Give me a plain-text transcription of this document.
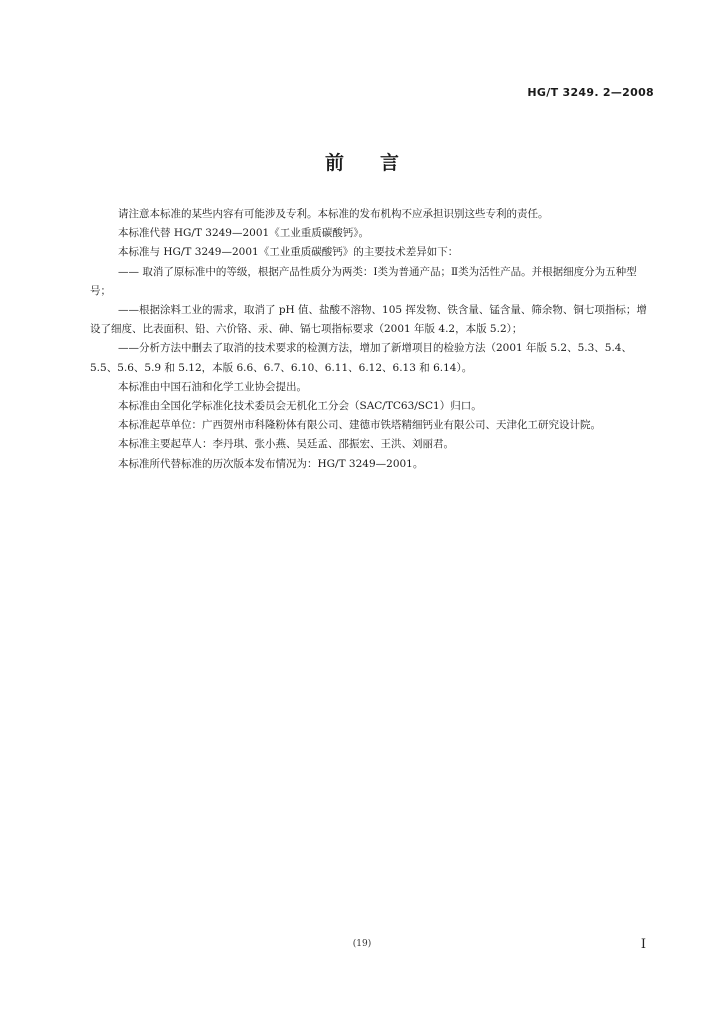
HG/T 3249. 2—2008
前言

请注意本标准的某些内容有可能涉及专利。本标准的发布机构不应承担识别这些专利的责任。

本标准代替 HG/T 3249—2001《工业重质碳酸钙》。

本标准与 HG/T 3249—2001《工业重质碳酸钙》的主要技术差异如下：

—— 取消了原标准中的等级，根据产品性质分为两类：Ⅰ类为普通产品；Ⅱ类为活性产品。并根据细度分为五种型号；

——根据涂料工业的需求，取消了 pH 值、盐酸不溶物、105 挥发物、铁含量、锰含量、筛余物、铜七项指标；增设了细度、比表面积、铅、六价铬、汞、砷、镉七项指标要求（2001 年版 4.2，本版 5.2）；

——分析方法中删去了取消的技术要求的检测方法，增加了新增项目的检验方法（2001 年版 5.2、5.3、5.4、5.5、5.6、5.9 和 5.12，本版 6.6、6.7、6.10、6.11、6.12、6.13 和 6.14）。

本标准由中国石油和化学工业协会提出。

本标准由全国化学标准化技术委员会无机化工分会（SAC/TC63/SC1）归口。

本标准起草单位：广西贺州市科隆粉体有限公司、建德市铁塔精细钙业有限公司、天津化工研究设计院。

本标准主要起草人：李丹琪、张小燕、吴廷孟、邵振宏、王洪、刘丽君。

本标准所代替标准的历次版本发布情况为：HG/T 3249—2001。

(19)	I
